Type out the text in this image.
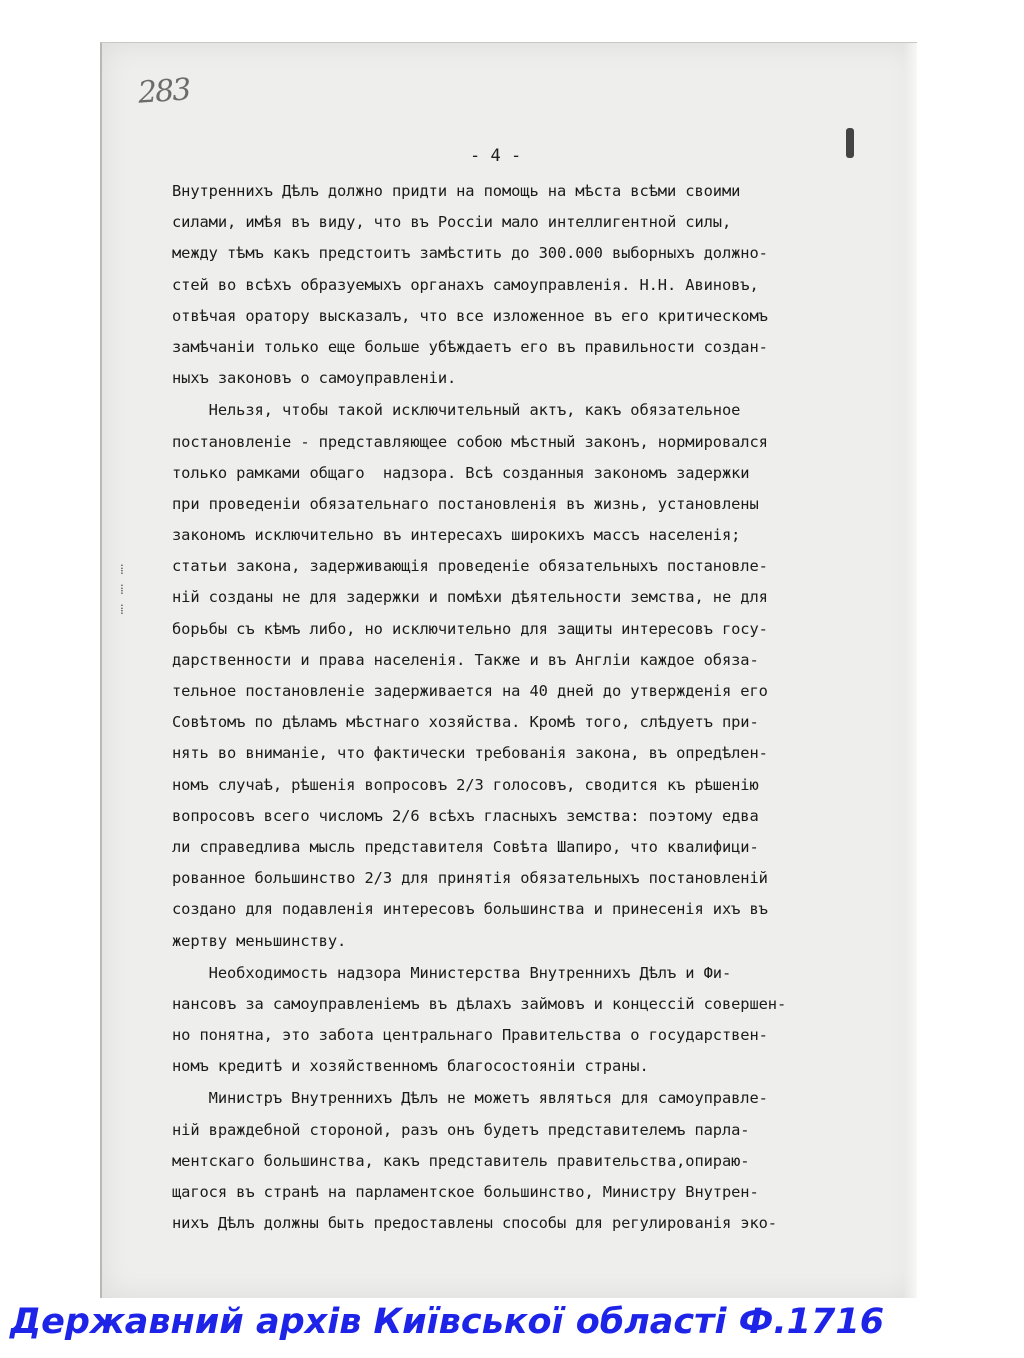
283
⁞
⁞
⁞
- 4 -
Внутреннихъ Дѣлъ должно придти на помощь на мѣста всѣми своими
силами, имѣя въ виду, что въ Россіи мало интеллигентной силы,
между тѣмъ какъ предстоитъ замѣстить до 300.000 выборныхъ должно-
стей во всѣхъ образуемыхъ органахъ самоуправленія. Н.Н. Авиновъ,
отвѣчая оратору высказалъ, что все изложенное въ его критическомъ
замѣчаніи только еще больше убѣждаетъ его въ правильности создан-
ныхъ законовъ о самоуправленіи.
Нельзя, чтобы такой исключительный актъ, какъ обязательное
постановленіе - представляющее собою мѣстный законъ, нормировался
только рамками общаго  надзора. Всѣ созданныя закономъ задержки
при проведеніи обязательнаго постановленія въ жизнь, установлены
закономъ исключительно въ интересахъ широкихъ массъ населенія;
статьи закона, задерживающія проведеніе обязательныхъ постановле-
ній созданы не для задержки и помѣхи дѣятельности земства, не для
борьбы съ кѣмъ либо, но исключительно для защиты интересовъ госу-
дарственности и права населенія. Также и въ Англіи каждое обяза-
тельное постановленіе задерживается на 40 дней до утвержденія его
Совѣтомъ по дѣламъ мѣстнаго хозяйства. Кромѣ того, слѣдуетъ при-
нять во вниманіе, что фактически требованія закона, въ опредѣлен-
номъ случаѣ, рѣшенія вопросовъ 2/3 голосовъ, сводится къ рѣшенію
вопросовъ всего числомъ 2/6 всѣхъ гласныхъ земства: поэтому едва
ли справедлива мысль представителя Совѣта Шапиро, что квалифици-
рованное большинство 2/3 для принятія обязательныхъ постановленій
создано для подавленія интересовъ большинства и принесенія ихъ въ
жертву меньшинству.
Необходимость надзора Министерства Внутреннихъ Дѣлъ и Фи-
нансовъ за самоуправленіемъ въ дѣлахъ займовъ и концессій совершен-
но понятна, это забота центральнаго Правительства о государствен-
номъ кредитѣ и хозяйственномъ благосостояніи страны.
Министръ Внутреннихъ Дѣлъ не можетъ являться для самоуправле-
ній враждебной стороной, разъ онъ будетъ представителемъ парла-
ментскаго большинства, какъ представитель правительства,опираю-
щагося въ странѣ на парламентское большинство, Министру Внутрен-
нихъ Дѣлъ должны быть предоставлены способы для регулированія эко-
Державний архів Київської області Ф.1716
